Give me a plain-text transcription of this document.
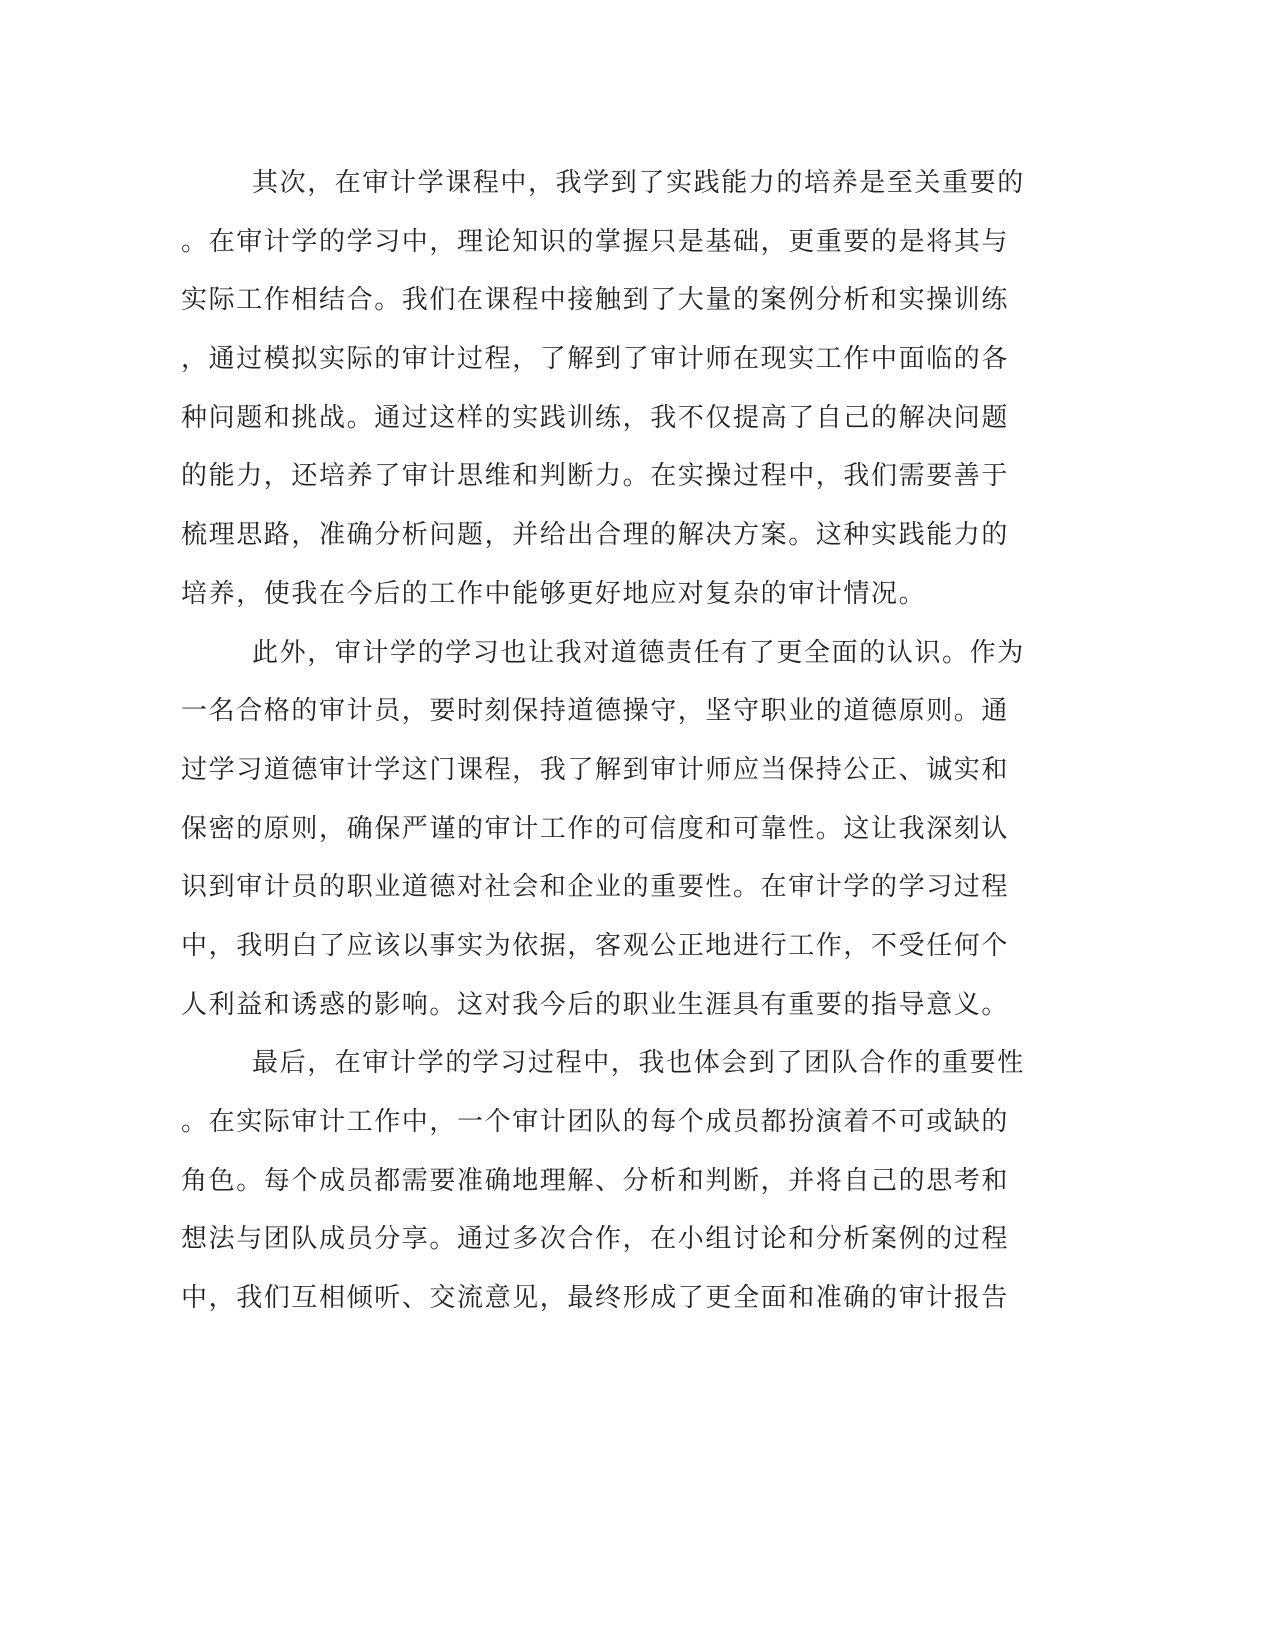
其次，在审计学课程中，我学到了实践能力的培养是至关重要的
。在审计学的学习中，理论知识的掌握只是基础，更重要的是将其与
实际工作相结合。我们在课程中接触到了大量的案例分析和实操训练
，通过模拟实际的审计过程，了解到了审计师在现实工作中面临的各
种问题和挑战。通过这样的实践训练，我不仅提高了自己的解决问题
的能力，还培养了审计思维和判断力。在实操过程中，我们需要善于
梳理思路，准确分析问题，并给出合理的解决方案。这种实践能力的
培养，使我在今后的工作中能够更好地应对复杂的审计情况。
此外，审计学的学习也让我对道德责任有了更全面的认识。作为
一名合格的审计员，要时刻保持道德操守，坚守职业的道德原则。通
过学习道德审计学这门课程，我了解到审计师应当保持公正、诚实和
保密的原则，确保严谨的审计工作的可信度和可靠性。这让我深刻认
识到审计员的职业道德对社会和企业的重要性。在审计学的学习过程
中，我明白了应该以事实为依据，客观公正地进行工作，不受任何个
人利益和诱惑的影响。这对我今后的职业生涯具有重要的指导意义。
最后，在审计学的学习过程中，我也体会到了团队合作的重要性
。在实际审计工作中，一个审计团队的每个成员都扮演着不可或缺的
角色。每个成员都需要准确地理解、分析和判断，并将自己的思考和
想法与团队成员分享。通过多次合作，在小组讨论和分析案例的过程
中，我们互相倾听、交流意见，最终形成了更全面和准确的审计报告
